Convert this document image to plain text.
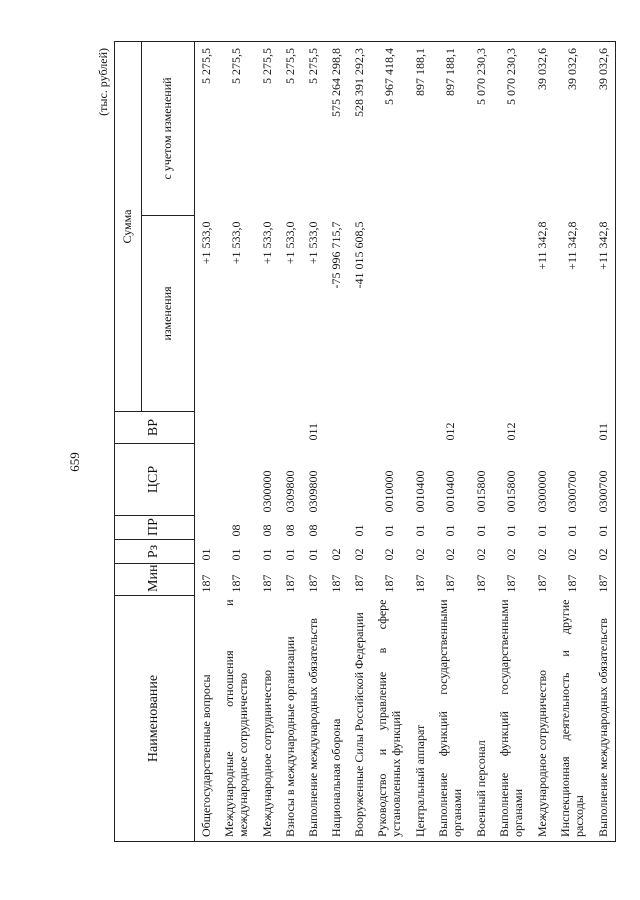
659
(тыс. рублей)
Наименование	Мин	Рз	ПР	ЦСР	ВР	Сумма	
						изменения	с учетом изменений
Общегосударственные вопросы	187	01				+1 533,0	5 275,5
Международные отношения и международное сотрудничество	187	01	08			+1 533,0	5 275,5
Международное сотрудничество	187	01	08	0300000		+1 533,0	5 275,5
Взносы в международные организации	187	01	08	0309800		+1 533,0	5 275,5
Выполнение международных обязательств	187	01	08	0309800	011	+1 533,0	5 275,5
Национальная оборона	187	02				-75 996 715,7	575 264 298,8
Вооруженные Силы Российской Федерации	187	02	01			-41 015 608,5	528 391 292,3
Руководство и управление в сфере установленных функций	187	02	01	0010000			5 967 418,4
Центральный аппарат	187	02	01	0010400			897 188,1
Выполнение функций государственными органами	187	02	01	0010400	012		897 188,1
Военный персонал	187	02	01	0015800			5 070 230,3
Выполнение функций государственными органами	187	02	01	0015800	012		5 070 230,3
Международное сотрудничество	187	02	01	0300000		+11 342,8	39 032,6
Инспекционная деятельность и другие расходы	187	02	01	0300700		+11 342,8	39 032,6
Выполнение международных обязательств	187	02	01	0300700	011	+11 342,8	39 032,6
